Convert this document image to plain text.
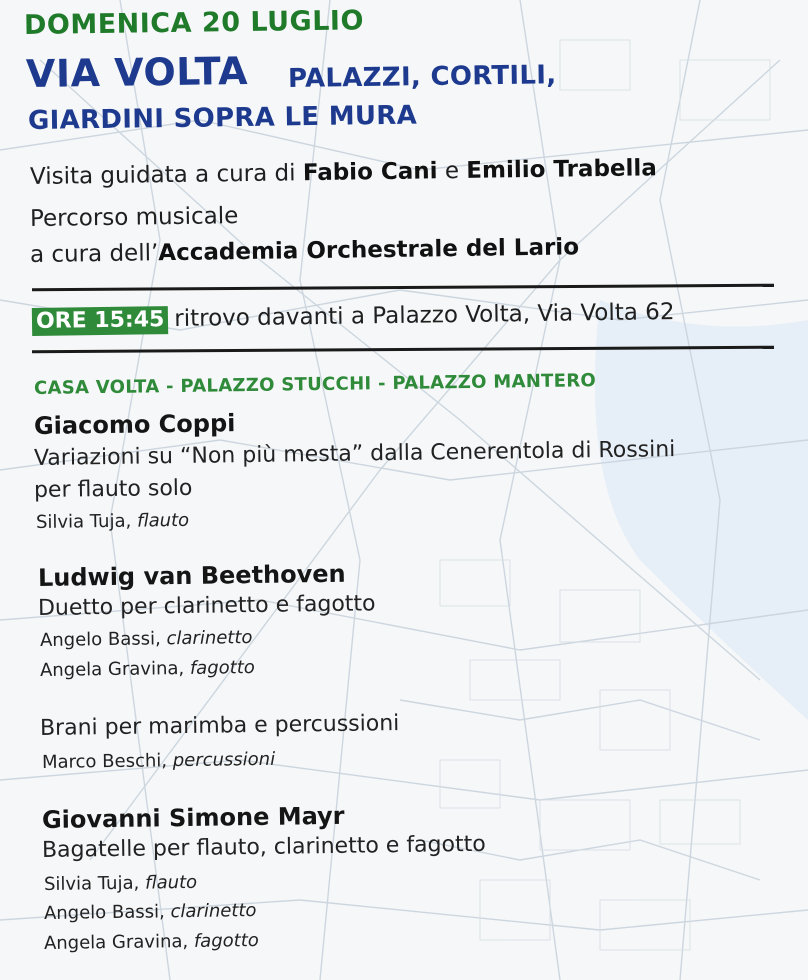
DOMENICA 20 LUGLIO
VIA VOLTA PALAZZI, CORTILI,
GIARDINI SOPRA LE MURA
Visita guidata a cura di Fabio Cani e Emilio Trabella
Percorso musicale
a cura dell’Accademia Orchestrale del Lario
ORE 15:45 ritrovo davanti a Palazzo Volta, Via Volta 62
CASA VOLTA - PALAZZO STUCCHI - PALAZZO MANTERO
Giacomo Coppi
Variazioni su “Non più mesta” dalla Cenerentola di Rossini
per flauto solo
Silvia Tuja, flauto
Ludwig van Beethoven
Duetto per clarinetto e fagotto
Angelo Bassi, clarinetto
Angela Gravina, fagotto
Brani per marimba e percussioni
Marco Beschi, percussioni
Giovanni Simone Mayr
Bagatelle per flauto, clarinetto e fagotto
Silvia Tuja, flauto
Angelo Bassi, clarinetto
Angela Gravina, fagotto
